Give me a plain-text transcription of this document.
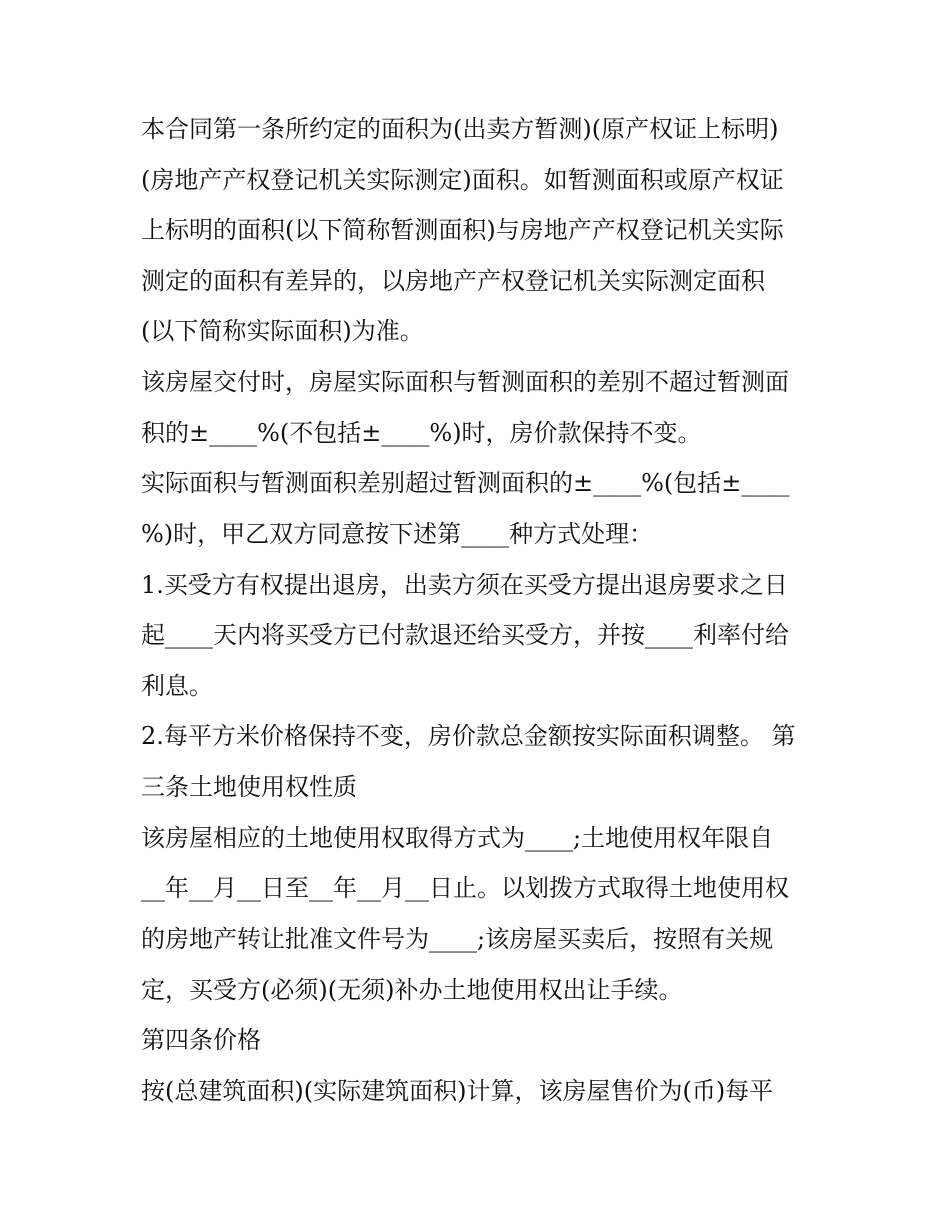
本合同第一条所约定的面积为(出卖方暂测)(原产权证上标明)
(房地产产权登记机关实际测定)面积。如暂测面积或原产权证
上标明的面积(以下简称暂测面积)与房地产产权登记机关实际
测定的面积有差异的，以房地产产权登记机关实际测定面积
(以下简称实际面积)为准。
该房屋交付时，房屋实际面积与暂测面积的差别不超过暂测面
积的±____%(不包括±____%)时，房价款保持不变。
实际面积与暂测面积差别超过暂测面积的±____%(包括±____
%)时，甲乙双方同意按下述第____种方式处理：
1.买受方有权提出退房，出卖方须在买受方提出退房要求之日
起____天内将买受方已付款退还给买受方，并按____利率付给
利息。
2.每平方米价格保持不变，房价款总金额按实际面积调整。 第
三条土地使用权性质
该房屋相应的土地使用权取得方式为____;土地使用权年限自
__年__月__日至__年__月__日止。以划拨方式取得土地使用权
的房地产转让批准文件号为____;该房屋买卖后，按照有关规
定，买受方(必须)(无须)补办土地使用权出让手续。
第四条价格
按(总建筑面积)(实际建筑面积)计算，该房屋售价为(币)每平
